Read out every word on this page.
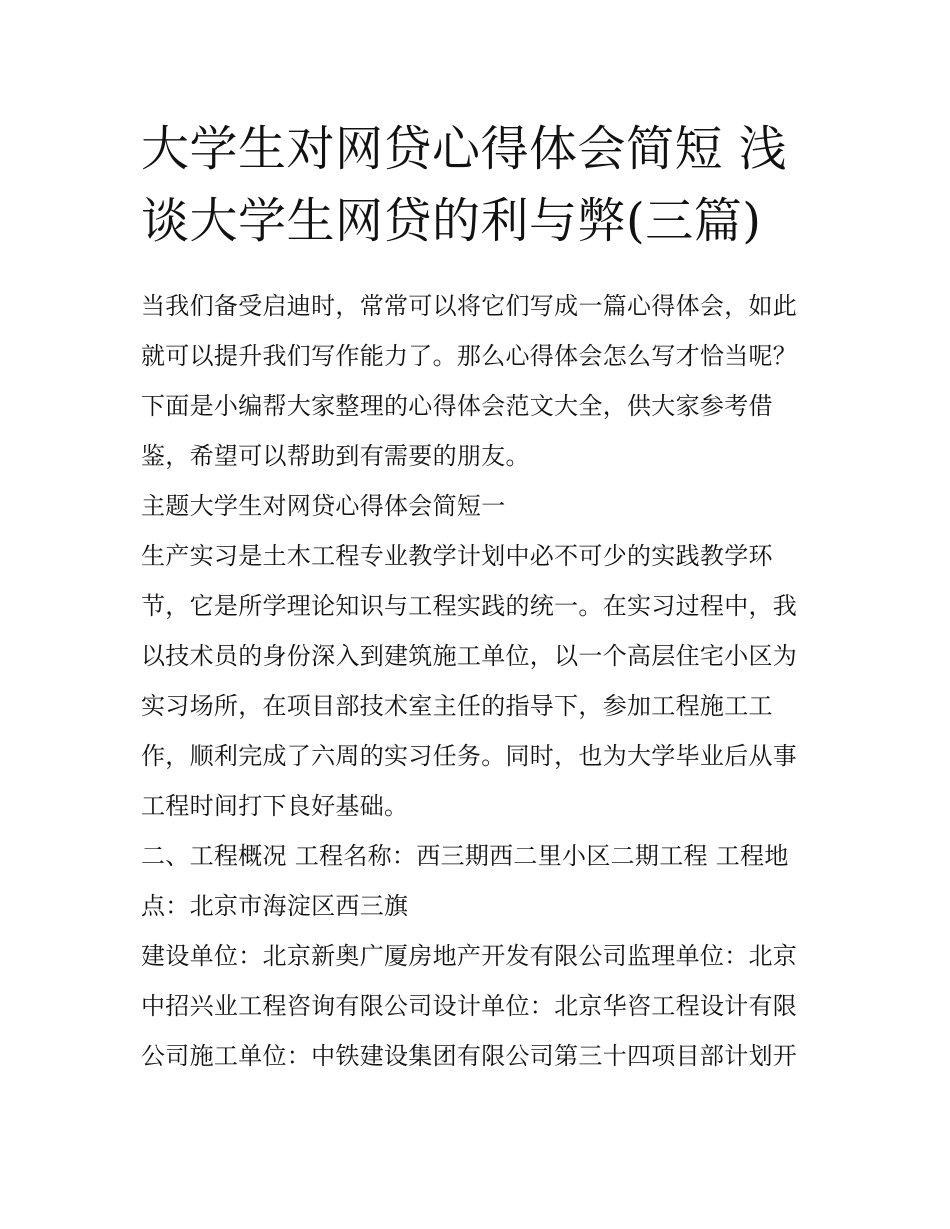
大学生对网贷心得体会简短 浅
谈大学生网贷的利与弊(三篇)

当我们备受启迪时，常常可以将它们写成一篇心得体会，如此
就可以提升我们写作能力了。那么心得体会怎么写才恰当呢？
下面是小编帮大家整理的心得体会范文大全，供大家参考借
鉴，希望可以帮助到有需要的朋友。

主题大学生对网贷心得体会简短一

生产实习是土木工程专业教学计划中必不可少的实践教学环
节，它是所学理论知识与工程实践的统一。在实习过程中，我
以技术员的身份深入到建筑施工单位，以一个高层住宅小区为
实习场所，在项目部技术室主任的指导下，参加工程施工工
作，顺利完成了六周的实习任务。同时，也为大学毕业后从事
工程时间打下良好基础。

二、工程概况 工程名称：西三期西二里小区二期工程 工程地
点：北京市海淀区西三旗

建设单位：北京新奥广厦房地产开发有限公司监理单位：北京
中招兴业工程咨询有限公司设计单位：北京华咨工程设计有限
公司施工单位：中铁建设集团有限公司第三十四项目部计划开
